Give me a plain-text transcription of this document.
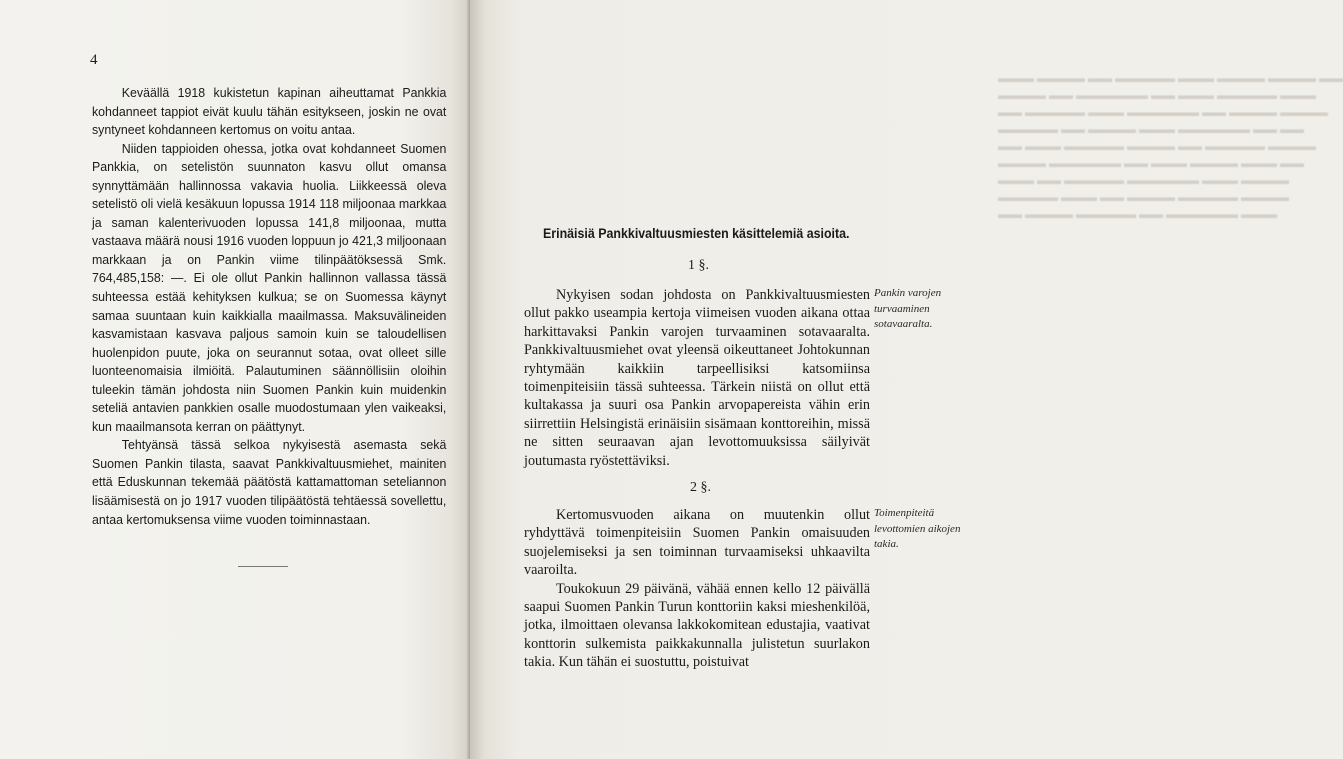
4

Keväällä 1918 kukistetun kapinan aiheuttamat Pankkia kohdanneet tappiot eivät kuulu tähän esitykseen, joskin ne ovat syntyneet kohdanneen kertomus on voitu antaa.

Niiden tappioiden ohessa, jotka ovat kohdanneet Suomen Pankkia, on setelistön suunnaton kasvu ollut omansa synnyttämään hallinnossa vakavia huolia. Liikkeessä oleva setelistö oli vielä kesäkuun lopussa 1914 118 miljoonaa markkaa ja saman kalenterivuoden lopussa 141,8 miljoonaa, mutta vastaava määrä nousi 1916 vuoden loppuun jo 421,3 miljoonaan markkaan ja on Pankin viime tilinpäätöksessä Smk. 764,485,158: —. Ei ole ollut Pankin hallinnon vallassa tässä suhteessa estää kehityksen kulkua; se on Suomessa käynyt samaa suuntaan kuin kaikkialla maailmassa. Maksuvälineiden kasvamistaan kasvava paljous samoin kuin se taloudellisen huolenpidon puute, joka on seurannut sotaa, ovat olleet sille luonteenomaisia ilmiöitä. Palautuminen säännöllisiin oloihin tuleekin tämän johdosta niin Suomen Pankin kuin muidenkin seteliä antavien pankkien osalle muodostumaan ylen vaikeaksi, kun maailmansota kerran on päättynyt.

Tehtyänsä tässä selkoa nykyisestä asemasta sekä Suomen Pankin tilasta, saavat Pankkivaltuusmiehet, mainiten että Eduskunnan tekemää päätöstä kattamattoman seteliannon lisäämisestä on jo 1917 vuoden tilipäätöstä tehtäessä sovellettu, antaa kertomuksensa viime vuoden toiminnastaan.

▬▬▬ ▬▬▬▬ ▬▬ ▬▬▬▬▬ ▬▬▬ ▬▬▬▬ ▬▬▬▬ ▬▬
▬▬▬▬ ▬▬ ▬▬▬▬▬▬ ▬▬ ▬▬▬ ▬▬▬▬▬ ▬▬▬
▬▬ ▬▬▬▬▬ ▬▬▬ ▬▬▬▬▬▬ ▬▬ ▬▬▬▬ ▬▬▬▬
▬▬▬▬▬ ▬▬ ▬▬▬▬ ▬▬▬ ▬▬▬▬▬▬ ▬▬ ▬▬
▬▬ ▬▬▬ ▬▬▬▬▬ ▬▬▬▬ ▬▬ ▬▬▬▬▬ ▬▬▬▬
▬▬▬▬ ▬▬▬▬▬▬ ▬▬ ▬▬▬ ▬▬▬▬ ▬▬▬ ▬▬
▬▬▬ ▬▬ ▬▬▬▬▬ ▬▬▬▬▬▬ ▬▬▬ ▬▬▬▬
▬▬▬▬▬ ▬▬▬ ▬▬ ▬▬▬▬ ▬▬▬▬▬ ▬▬▬▬
▬▬ ▬▬▬▬ ▬▬▬▬▬ ▬▬ ▬▬▬▬▬▬ ▬▬▬

Erinäisiä Pankkivaltuusmiesten käsittelemiä asioita.

1 §.

Nykyisen sodan johdosta on Pankkivaltuusmiesten ollut pakko useampia kertoja viimeisen vuoden aikana ottaa harkittavaksi Pankin varojen turvaaminen sotavaaralta. Pankkivaltuusmiehet ovat yleensä oikeuttaneet Johtokunnan ryhtymään kaikkiin tarpeellisiksi katsomiinsa toimenpiteisiin tässä suhteessa. Tärkein niistä on ollut että kultakassa ja suuri osa Pankin arvopapereista vähin erin siirrettiin Helsingistä erinäisiin sisämaan konttoreihin, missä ne sitten seuraavan ajan levottomuuksissa säilyivät joutumasta ryöstettäviksi.

Pankin varojen turvaaminen sotavaaralta.

2 §.

Kertomusvuoden aikana on muutenkin ollut ryhdyttävä toimenpiteisiin Suomen Pankin omaisuuden suojelemiseksi ja sen toiminnan turvaamiseksi uhkaavilta vaaroilta.

Toukokuun 29 päivänä, vähää ennen kello 12 päivällä saapui Suomen Pankin Turun konttoriin kaksi mieshenkilöä, jotka, ilmoittaen olevansa lakkokomitean edustajia, vaativat konttorin sulkemista paikkakunnalla julistetun suurlakon takia. Kun tähän ei suostuttu, poistuivat

Toimenpiteitä levottomien aikojen takia.
